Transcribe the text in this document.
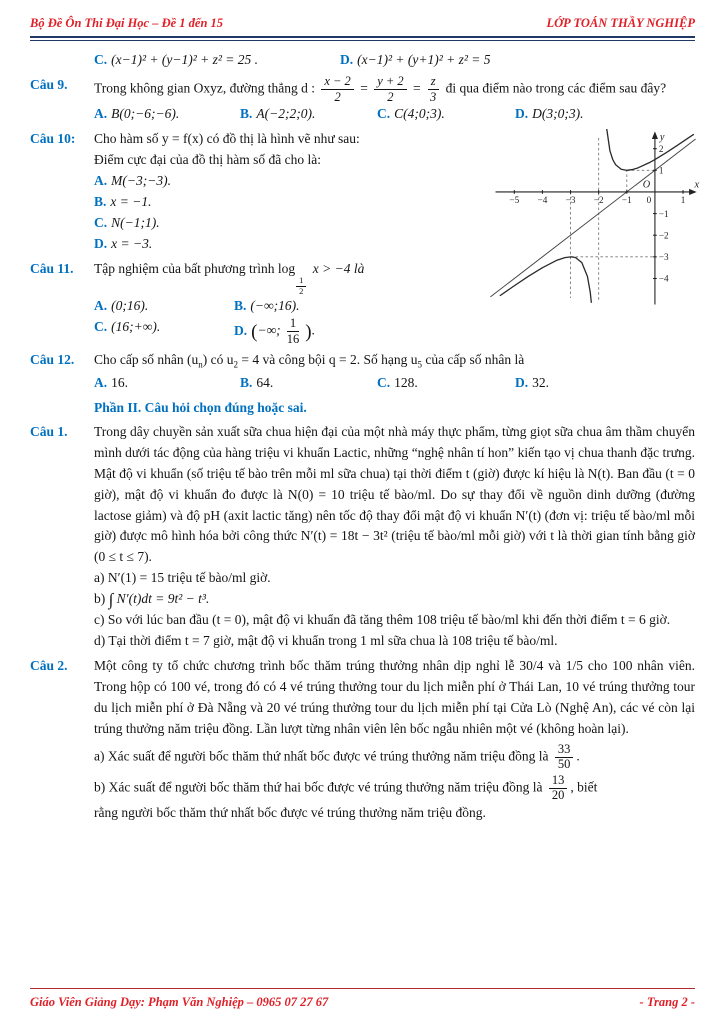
Bộ Đề Ôn Thi Đại Học – Đề 1 đến 15	LỚP TOÁN THẦY NGHIỆP
C. (x−1)² + (y−1)² + z² = 25 .	D. (x−1)² + (y+1)² + z² = 5
Câu 9.	Trong không gian Oxyz, đường thẳng d : $\frac{x - 2}{2} = \frac{y + 2}{2} = \frac{z}{3}$ đi qua điểm nào trong các điểm sau đây?
A. B(0;−6;−6).	B. A(−2;2;0).	C. C(4;0;3).	D. D(3;0;3).
−5 −4 −3 −2 −1 0	1
2
1
−1
−2
−3
−4
O	x
y
Câu 10:	Cho hàm số y = f(x) có đồ thị là hình vẽ như sau:
Điểm cực đại của đồ thị hàm số đã cho là:
A. M(−3;−3).
B. x = −1.
C. N(−1;1).
D. x = −3.
Câu 11.	Tập nghiệm của bất phương trình log
$\frac{1}{2}$
x > −4 là
A. (0;16).	B. (−∞;16).
C. (16;+∞).	D. (−∞; $\frac{1}{16}$ ).
Câu 12.	Cho cấp số nhân $(u_n)$ có $u_2 = 4$ và công bội q = 2. Số hạng $u_5$ của cấp số nhân là
A. 16.	B. 64.	C. 128.	D. 32.
Phần II. Câu hỏi chọn đúng hoặc sai.
Câu 1.	Trong dây chuyền sản xuất sữa chua hiện đại của một nhà máy thực phẩm, từng giọt sữa chua âm thầm chuyển mình dưới tác động của hàng triệu vi khuẩn Lactic, những “nghệ nhân tí hon” kiến tạo vị chua thanh đặc trưng. Mật độ vi khuẩn (số triệu tế bào trên mỗi ml sữa chua) tại thời điểm t (giờ) được kí hiệu là N(t). Ban đầu (t = 0 giờ), mật độ vi khuẩn đo được là N(0) = 10 triệu tế bào/ml. Do sự thay đổi về nguồn dinh dưỡng (đường lactose giảm) và độ pH (axit lactic tăng) nên tốc độ thay đổi mật độ vi khuẩn N′(t) (đơn vị: triệu tế bào/ml mỗi giờ) được mô hình hóa bởi công thức N′(t) = 18t − 3t² (triệu tế bào/ml mỗi giờ) với t là thời gian tính bằng giờ (0 ≤ t ≤ 7).
a) N′(1) = 15 triệu tế bào/ml giờ.
b) ∫ N′(t)dt = 9t² − t³.
c) So với lúc ban đầu (t = 0), mật độ vi khuẩn đã tăng thêm 108 triệu tế bào/ml khi đến thời điểm t = 6 giờ.
d) Tại thời điểm t = 7 giờ, mật độ vi khuẩn trong 1 ml sữa chua là 108 triệu tế bào/ml.
Câu 2.	Một công ty tổ chức chương trình bốc thăm trúng thưởng nhân dịp nghỉ lễ 30/4 và 1/5 cho 100 nhân viên. Trong hộp có 100 vé, trong đó có 4 vé trúng thưởng tour du lịch miễn phí ở Thái Lan, 10 vé trúng thưởng tour du lịch miễn phí ở Đà Nẵng và 20 vé trúng thưởng tour du lịch miễn phí tại Cửa Lò (Nghệ An), các vé còn lại trúng thưởng năm triệu đồng. Lần lượt từng nhân viên lên bốc ngẫu nhiên một vé (không hoàn lại).
a) Xác suất để người bốc thăm thứ nhất bốc được vé trúng thưởng năm triệu đồng là $\frac{33}{50}$ .
b) Xác suất để người bốc thăm thứ hai bốc được vé trúng thưởng năm triệu đồng là $\frac{13}{20}$ , biết
rằng người bốc thăm thứ nhất bốc được vé trúng thưởng năm triệu đồng.
Giáo Viên Giảng Dạy: Phạm Văn Nghiệp – 0965 07 27 67	- Trang 2 -
